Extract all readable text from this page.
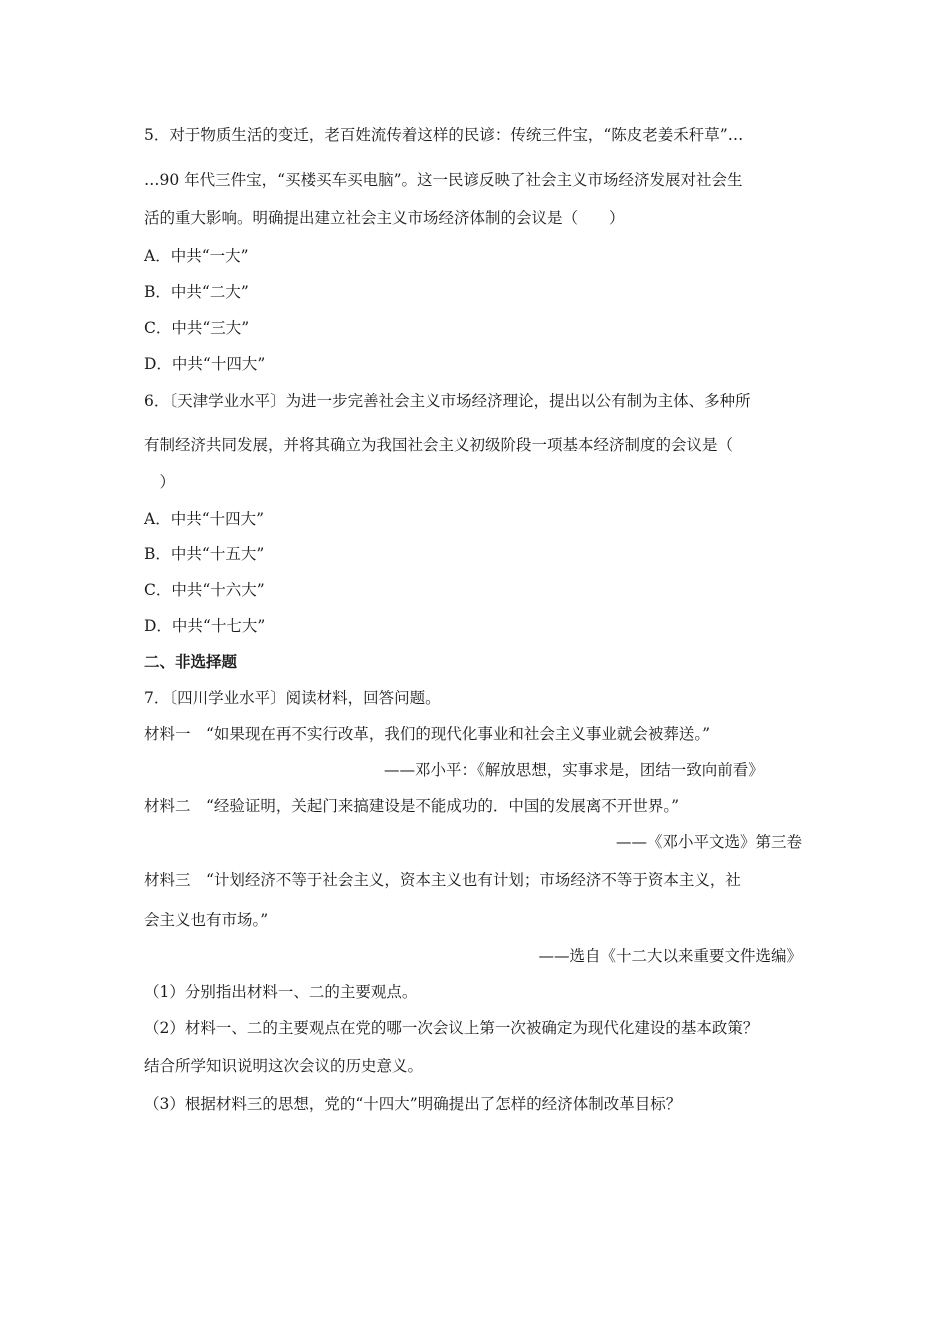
5．对于物质生活的变迁，老百姓流传着这样的民谚：传统三件宝，“陈皮老姜禾秆草”…
…90 年代三件宝，“买楼买车买电脑”。这一民谚反映了社会主义市场经济发展对社会生
活的重大影响。明确提出建立社会主义市场经济体制的会议是（　　）
A．中共“一大”
B．中共“二大”
C．中共“三大”
D．中共“十四大”
6．〔天津学业水平〕为进一步完善社会主义市场经济理论，提出以公有制为主体、多种所
有制经济共同发展，并将其确立为我国社会主义初级阶段一项基本经济制度的会议是（
　）
A．中共“十四大”
B．中共“十五大”
C．中共“十六大”
D．中共“十七大”
二、非选择题
7．〔四川学业水平〕阅读材料，回答问题。
材料一　“如果现在再不实行改革，我们的现代化事业和社会主义事业就会被葬送。”
——邓小平：《解放思想，实事求是，团结一致向前看》
材料二　“经验证明，关起门来搞建设是不能成功的．中国的发展离不开世界。”
——《邓小平文选》第三卷
材料三　“计划经济不等于社会主义，资本主义也有计划；市场经济不等于资本主义，社
会主义也有市场。”
——选自《十二大以来重要文件选编》
（1）分别指出材料一、二的主要观点。
（2）材料一、二的主要观点在党的哪一次会议上第一次被确定为现代化建设的基本政策？
结合所学知识说明这次会议的历史意义。
（3）根据材料三的思想，党的“十四大”明确提出了怎样的经济体制改革目标？
